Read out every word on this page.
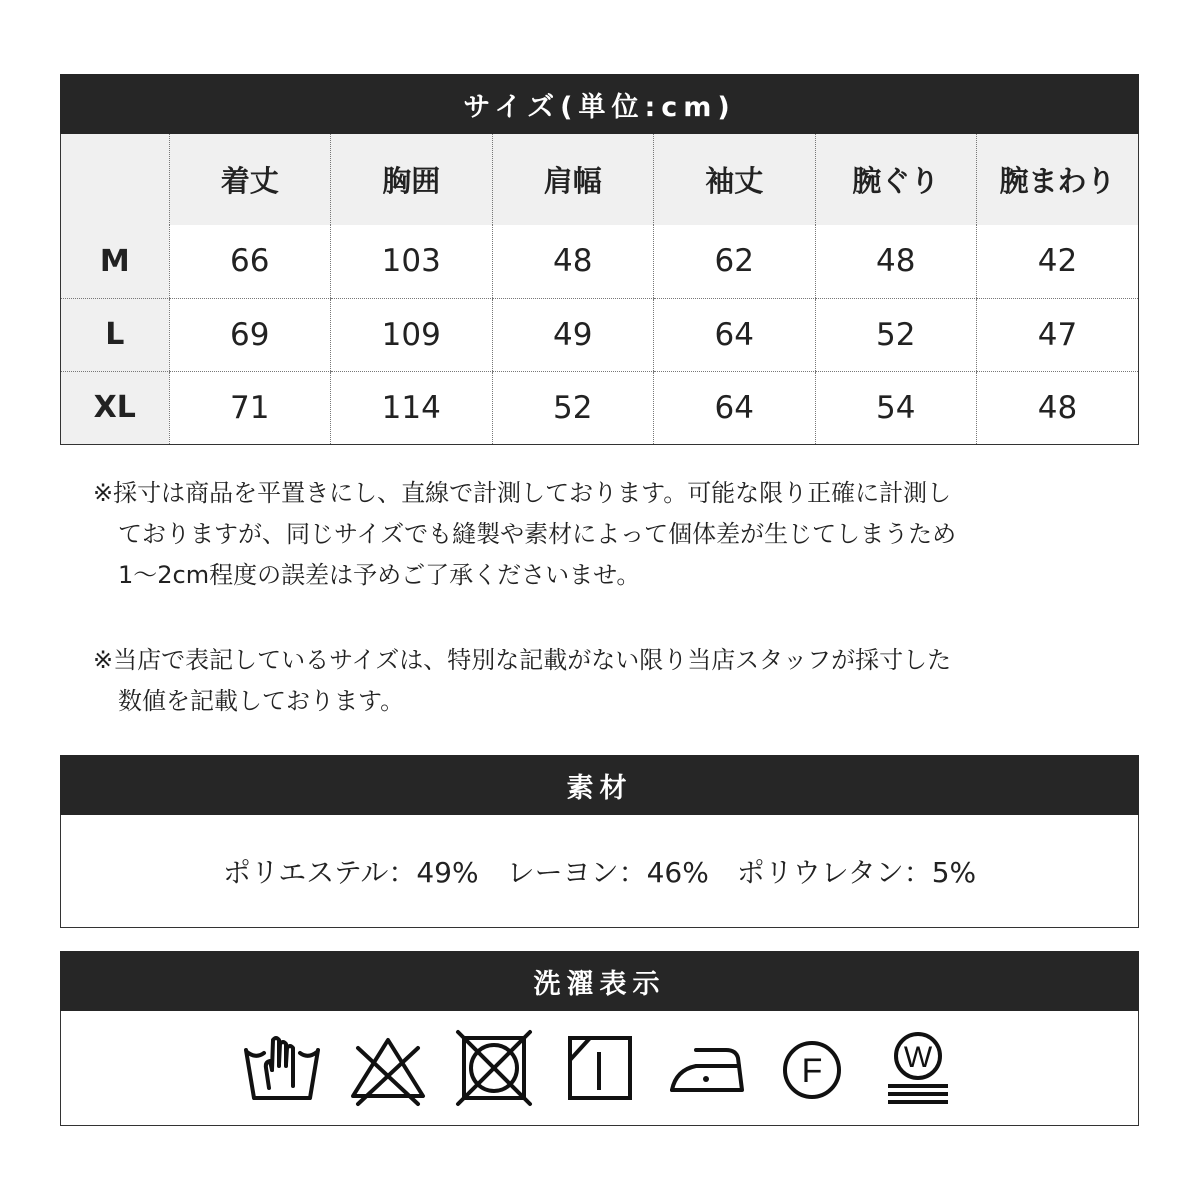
サイズ(単位:cm)
	着丈	胸囲	肩幅	袖丈	腕ぐり	腕まわり
M	66	103	48	62	48	42
L	69	109	49	64	52	47
XL	71	114	52	64	54	48

※採寸は商品を平置きにし、直線で計測しております。可能な限り正確に計測し

ておりますが、同じサイズでも縫製や素材によって個体差が生じてしまうため

1～2cm程度の誤差は予めご了承くださいませ。

※当店で表記しているサイズは、特別な記載がない限り当店スタッフが採寸した

数値を記載しております。

素材
ポリエステル：49%　レーヨン：46%　ポリウレタン：5%
洗濯表示
F	W
